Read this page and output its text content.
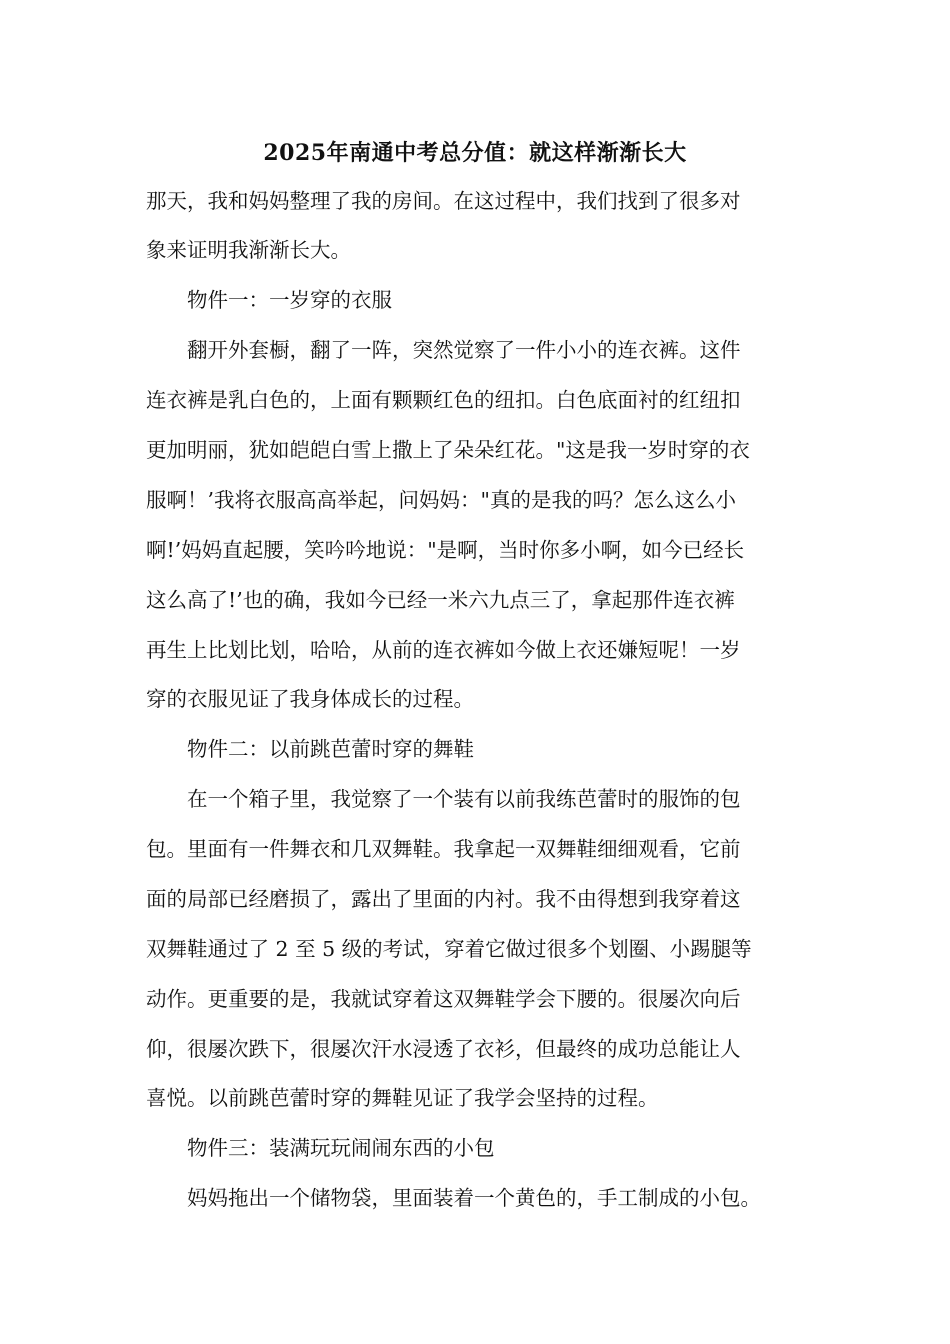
2025年南通中考总分值：就这样渐渐长大
那天，我和妈妈整理了我的房间。在这过程中，我们找到了很多对
象来证明我渐渐长大。
　　物件一：一岁穿的衣服
　　翻开外套橱，翻了一阵，突然觉察了一件小小的连衣裤。这件
连衣裤是乳白色的，上面有颗颗红色的纽扣。白色底面衬的红纽扣
更加明丽，犹如皑皑白雪上撒上了朵朵红花。"这是我一岁时穿的衣
服啊！’我将衣服高高举起，问妈妈："真的是我的吗？怎么这么小
啊!’妈妈直起腰，笑吟吟地说："是啊，当时你多小啊，如今已经长
这么高了!’也的确，我如今已经一米六九点三了，拿起那件连衣裤
再生上比划比划，哈哈，从前的连衣裤如今做上衣还嫌短呢！一岁
穿的衣服见证了我身体成长的过程。
　　物件二：以前跳芭蕾时穿的舞鞋
　　在一个箱子里，我觉察了一个装有以前我练芭蕾时的服饰的包
包。里面有一件舞衣和几双舞鞋。我拿起一双舞鞋细细观看，它前
面的局部已经磨损了，露出了里面的内衬。我不由得想到我穿着这
双舞鞋通过了 2 至 5 级的考试，穿着它做过很多个划圈、小踢腿等
动作。更重要的是，我就试穿着这双舞鞋学会下腰的。很屡次向后
仰，很屡次跌下，很屡次汗水浸透了衣衫，但最终的成功总能让人
喜悦。以前跳芭蕾时穿的舞鞋见证了我学会坚持的过程。
　　物件三：装满玩玩闹闹东西的小包
　　妈妈拖出一个储物袋，里面装着一个黄色的，手工制成的小包。
